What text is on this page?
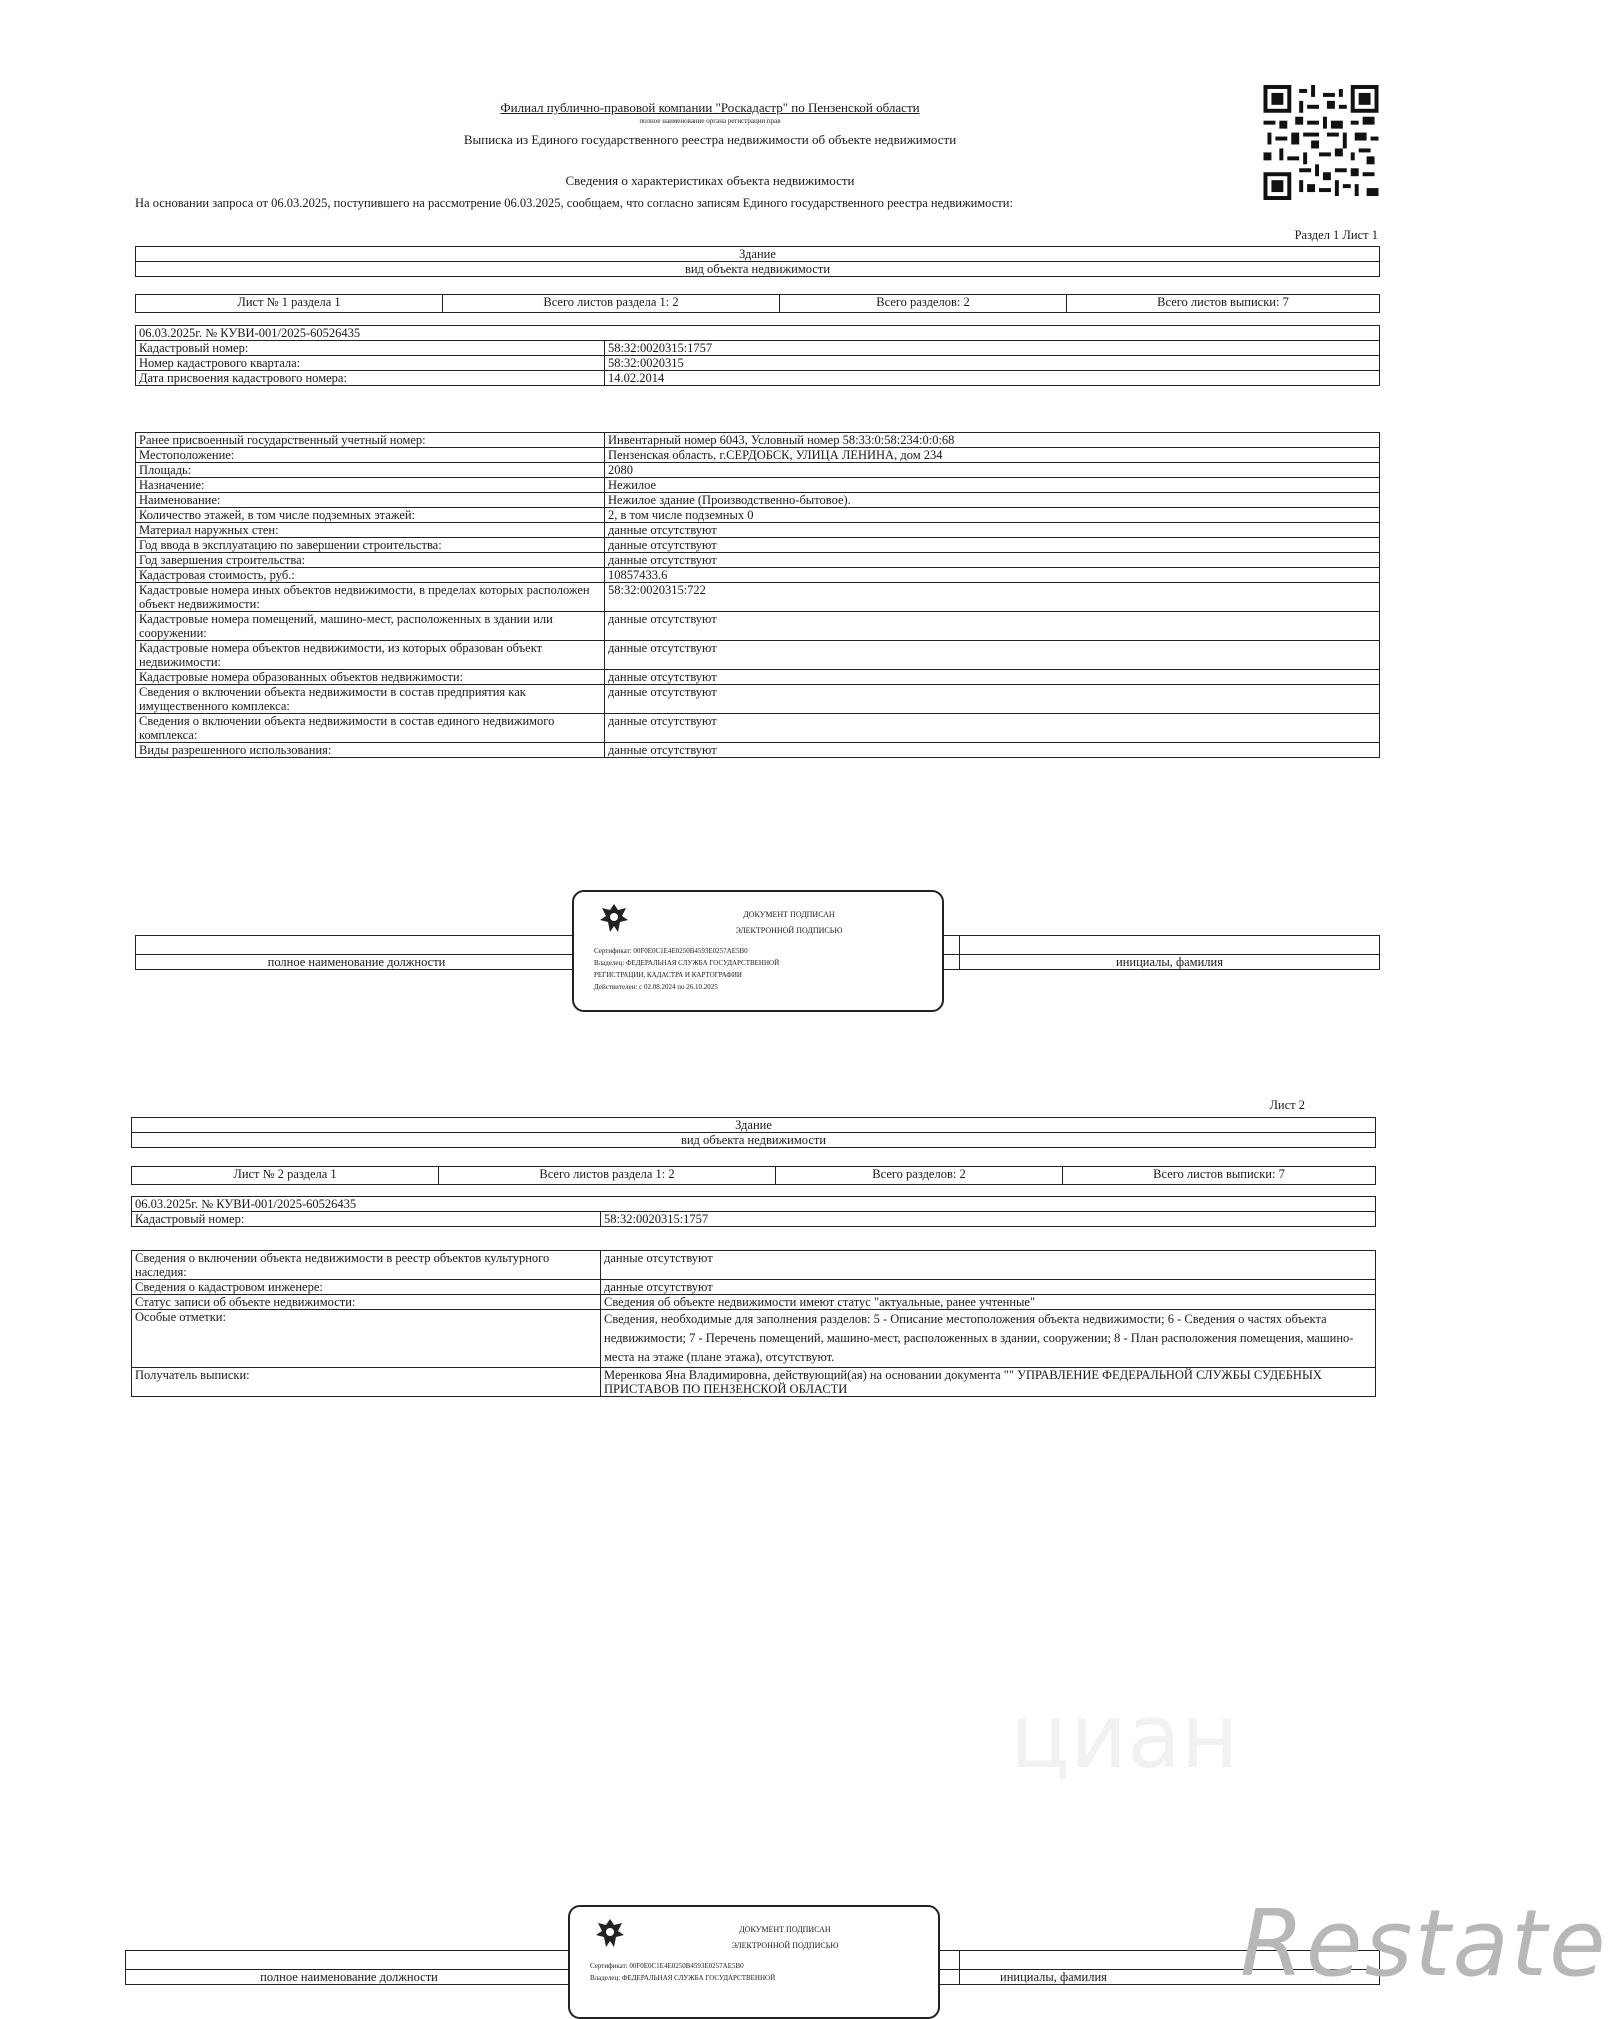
Филиал публично-правовой компании "Роскадастр" по Пензенской области
полное наименование органа регистрации прав
Выписка из Единого государственного реестра недвижимости об объекте недвижимости
Сведения о характеристиках объекта недвижимости
На основании запроса от 06.03.2025, поступившего на рассмотрение 06.03.2025, сообщаем, что согласно записям Единого государственного реестра недвижимости:
Раздел 1 Лист 1
Здание
вид объекта недвижимости
Лист № 1 раздела 1	Всего листов раздела 1: 2	Всего разделов: 2	Всего листов выписки: 7
06.03.2025г. № КУВИ-001/2025-60526435	
Кадастровый номер:	58:32:0020315:1757
Номер кадастрового квартала:	58:32:0020315
Дата присвоения кадастрового номера:	14.02.2014
Ранее присвоенный государственный учетный номер:	Инвентарный номер 6043, Условный номер 58:33:0:58:234:0:0:68
Местоположение:	Пензенская область, г.СЕРДОБСК, УЛИЦА ЛЕНИНА, дом 234
Площадь:	2080
Назначение:	Нежилое
Наименование:	Нежилое здание (Производственно-бытовое).
Количество этажей, в том числе подземных этажей:	2, в том числе подземных 0
Материал наружных стен:	данные отсутствуют
Год ввода в эксплуатацию по завершении строительства:	данные отсутствуют
Год завершения строительства:	данные отсутствуют
Кадастровая стоимость, руб.:	10857433.6
Кадастровые номера иных объектов недвижимости, в пределах которых расположен объект недвижимости:	58:32:0020315:722
Кадастровые номера помещений, машино-мест, расположенных в здании или сооружении:	данные отсутствуют
Кадастровые номера объектов недвижимости, из которых образован объект недвижимости:	данные отсутствуют
Кадастровые номера образованных объектов недвижимости:	данные отсутствуют
Сведения о включении объекта недвижимости в состав предприятия как имущественного комплекса:	данные отсутствуют
Сведения о включении объекта недвижимости в состав единого недвижимого комплекса:	данные отсутствуют
Виды разрешенного использования:	данные отсутствуют

полное наименование должности		инициалы, фамилия
ДОКУМЕНТ ПОДПИСАН
ЭЛЕКТРОННОЙ ПОДПИСЬЮ
Сертификат: 00F0E0C1E4E0250B4593E0257AE5B0
Владелец: ФЕДЕРАЛЬНАЯ СЛУЖБА ГОСУДАРСТВЕННОЙ
РЕГИСТРАЦИИ, КАДАСТРА И КАРТОГРАФИИ
Действителен: с 02.08.2024 по 26.10.2025
Лист 2
Здание
вид объекта недвижимости
Лист № 2 раздела 1	Всего листов раздела 1: 2	Всего разделов: 2	Всего листов выписки: 7
06.03.2025г. № КУВИ-001/2025-60526435
Кадастровый номер:	58:32:0020315:1757
Сведения о включении объекта недвижимости в реестр объектов культурного наследия:	данные отсутствуют
Сведения о кадастровом инженере:	данные отсутствуют
Статус записи об объекте недвижимости:	Сведения об объекте недвижимости имеют статус "актуальные, ранее учтенные"
Особые отметки:	Сведения, необходимые для заполнения разделов: 5 - Описание местоположения объекта недвижимости; 6 - Сведения о частях объекта недвижимости; 7 - Перечень помещений, машино-мест, расположенных в здании, сооружении; 8 - План расположения помещения, машино-места на этаже (плане этажа), отсутствуют.
Получатель выписки:	Меренкова Яна Владимировна, действующий(ая) на основании документа "" УПРАВЛЕНИЕ ФЕДЕРАЛЬНОЙ СЛУЖБЫ СУДЕБНЫХ ПРИСТАВОВ ПО ПЕНЗЕНСКОЙ ОБЛАСТИ
циан

полное наименование должности		инициалы, фамилия
ДОКУМЕНТ ПОДПИСАН
ЭЛЕКТРОННОЙ ПОДПИСЬЮ
Сертификат: 00F0E0C1E4E0250B4593E0257AE5B0
Владелец: ФЕДЕРАЛЬНАЯ СЛУЖБА ГОСУДАРСТВЕННОЙ	Restate
